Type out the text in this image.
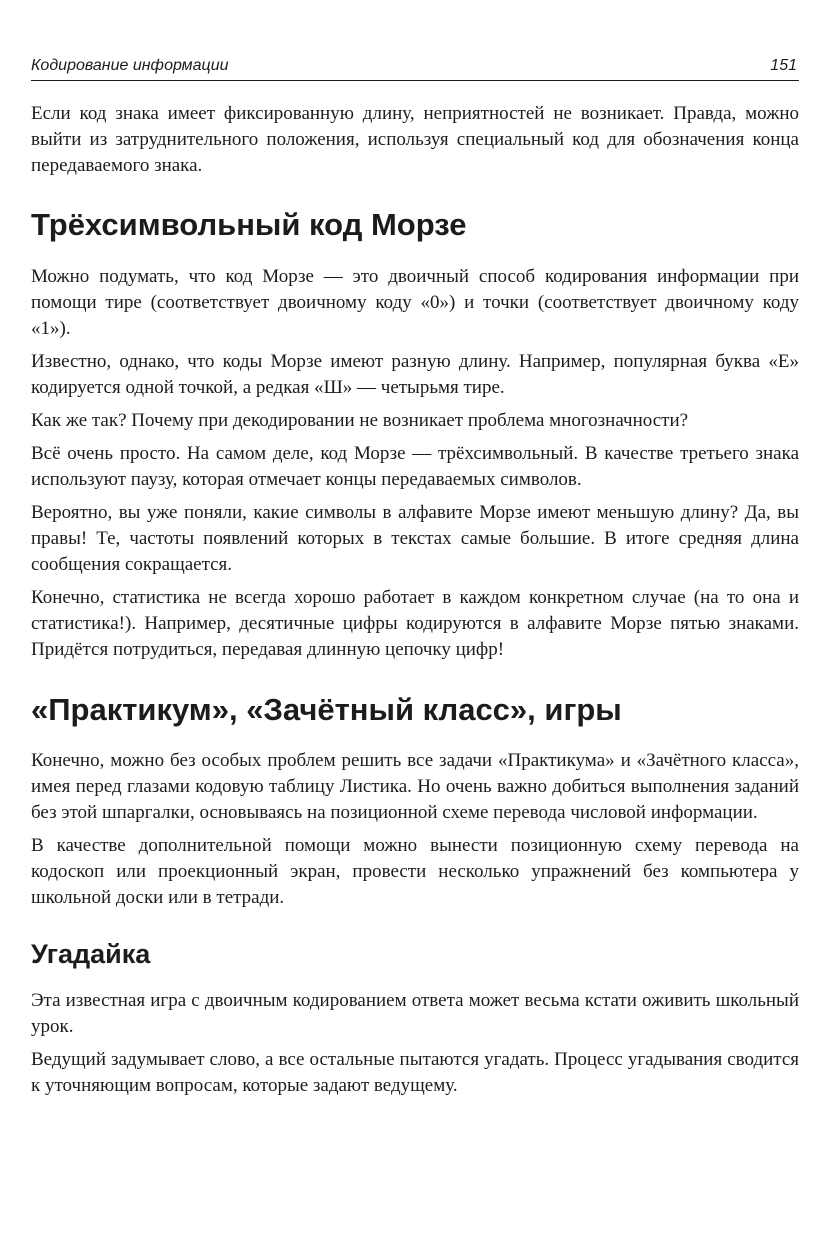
Кодирование информации	151

Если код знака имеет фиксированную длину, неприятностей не возникает. Правда, можно выйти из затруднительного положения, используя специальный код для обозначения конца передаваемого знака.

Трёхсимвольный код Морзе

Можно подумать, что код Морзе — это двоичный способ кодирования информации при помощи тире (соответствует двоичному коду «0») и точки (соответствует двоичному коду «1»).

Известно, однако, что коды Морзе имеют разную длину. Например, популярная буква «Е» кодируется одной точкой, а редкая «Ш» — четырьмя тире.

Как же так? Почему при декодировании не возникает проблема многозначности?

Всё очень просто. На самом деле, код Морзе — трёхсимвольный. В качестве третьего знака используют паузу, которая отмечает концы передаваемых символов.

Вероятно, вы уже поняли, какие символы в алфавите Морзе имеют меньшую длину? Да, вы правы! Те, частоты появлений которых в текстах самые большие. В итоге средняя длина сообщения сокращается.

Конечно, статистика не всегда хорошо работает в каждом конкретном случае (на то она и статистика!). Например, десятичные цифры кодируются в алфавите Морзе пятью знаками. Придётся потрудиться, передавая длинную цепочку цифр!

«Практикум», «Зачётный класс», игры

Конечно, можно без особых проблем решить все задачи «Практикума» и «Зачётного класса», имея перед глазами кодовую таблицу Листика. Но очень важно добиться выполнения заданий без этой шпаргалки, основываясь на позиционной схеме перевода числовой информации.

В качестве дополнительной помощи можно вынести позиционную схему перевода на кодоскоп или проекционный экран, провести несколько упражнений без компьютера у школьной доски или в тетради.

Угадайка

Эта известная игра с двоичным кодированием ответа может весьма кстати оживить школьный урок.

Ведущий задумывает слово, а все остальные пытаются угадать. Процесс угадывания сводится к уточняющим вопросам, которые задают ведущему.
